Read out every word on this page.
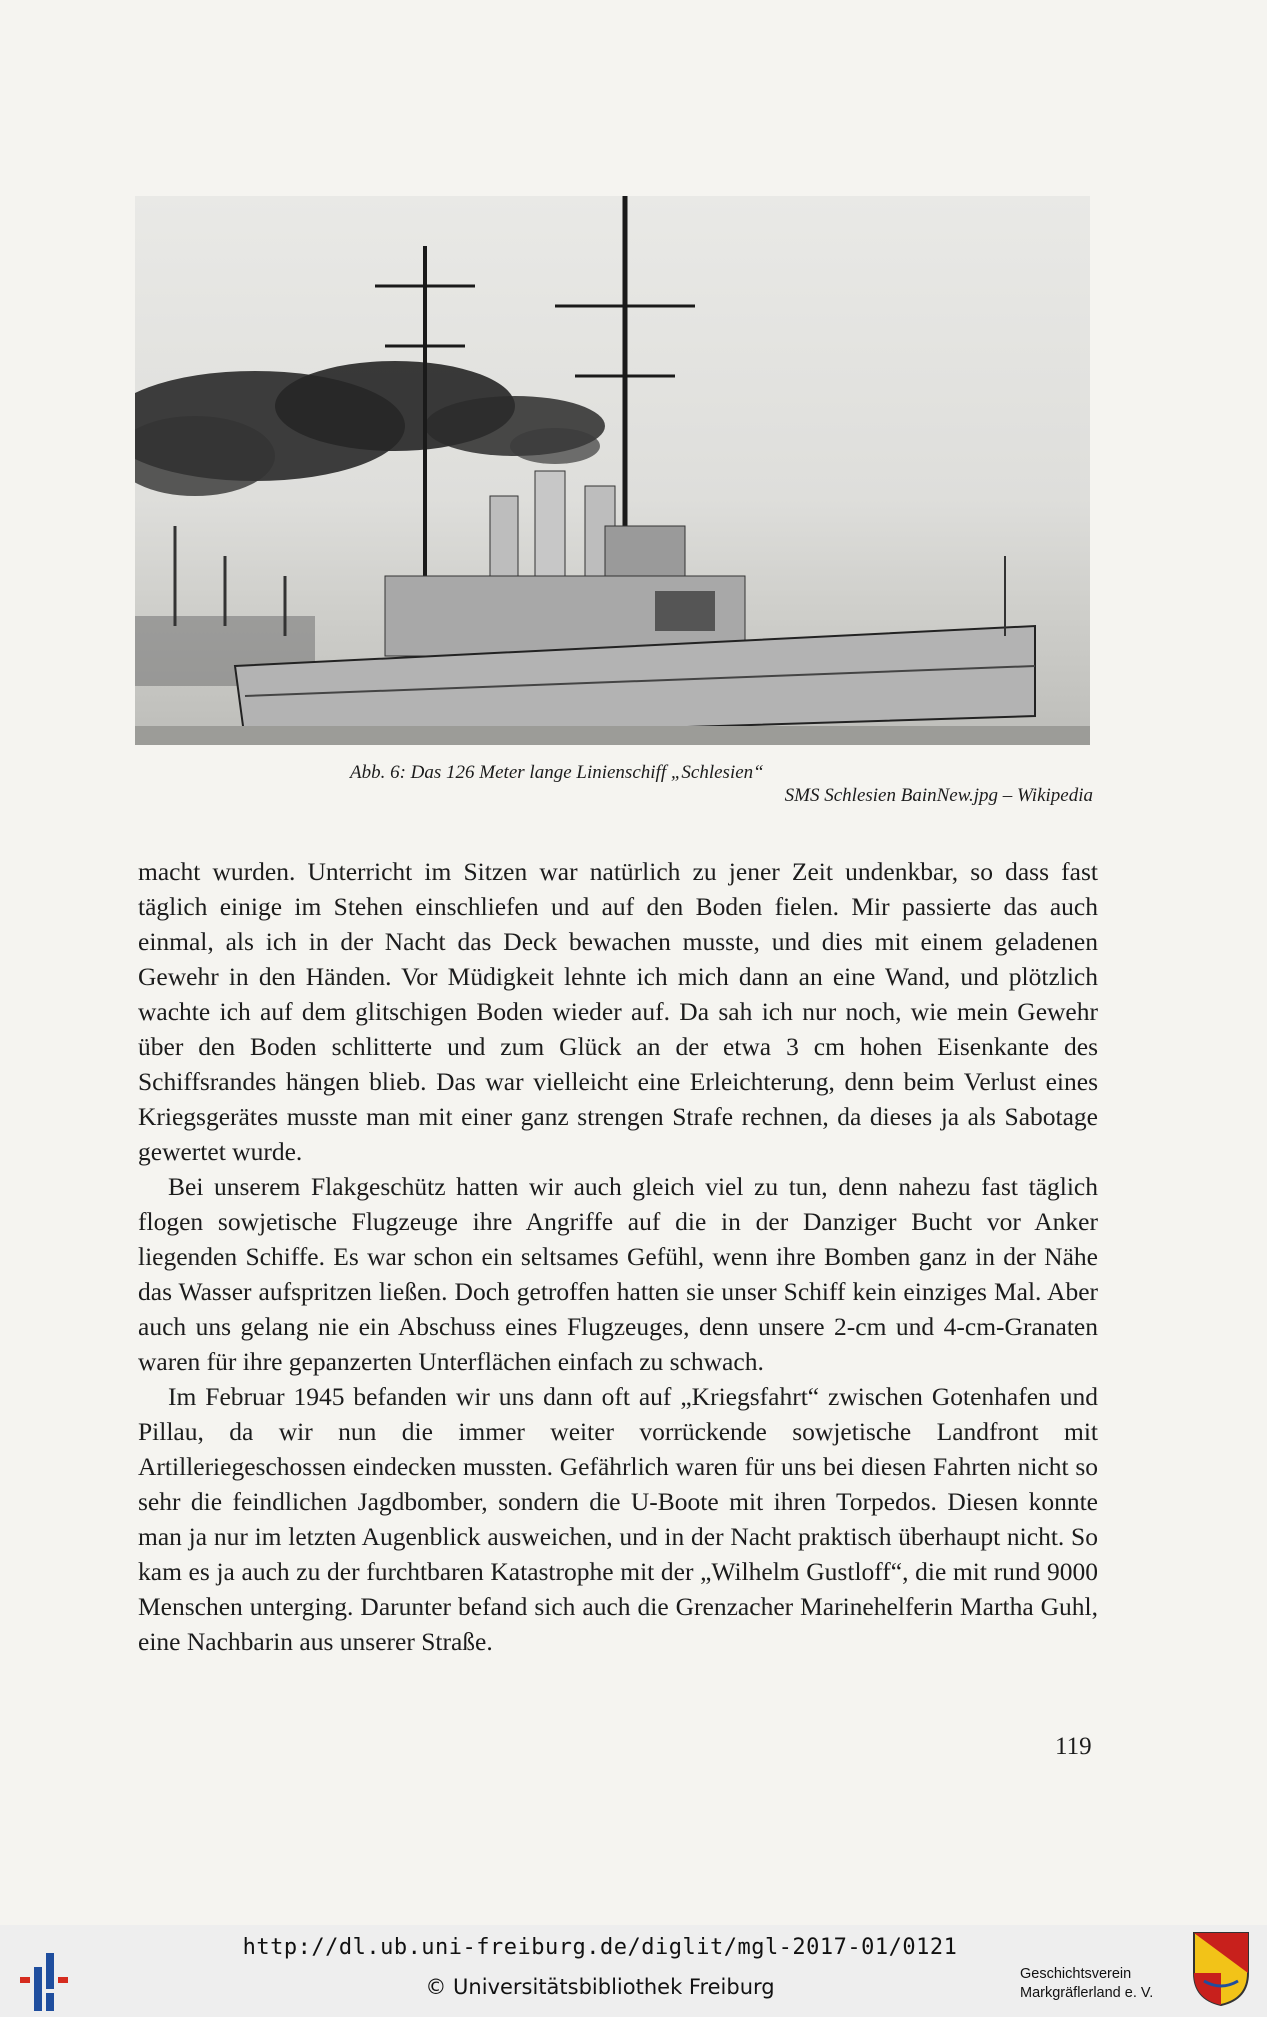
Abb. 6: Das 126 Meter lange Linienschiff „Schlesien“
SMS Schlesien BainNew.jpg – Wikipedia

macht wurden. Unterricht im Sitzen war natürlich zu jener Zeit undenkbar, so dass fast täglich einige im Stehen einschliefen und auf den Boden fielen. Mir passierte das auch einmal, als ich in der Nacht das Deck bewachen musste, und dies mit einem geladenen Gewehr in den Händen. Vor Müdigkeit lehnte ich mich dann an eine Wand, und plötzlich wachte ich auf dem glitschigen Boden wieder auf. Da sah ich nur noch, wie mein Gewehr über den Boden schlitterte und zum Glück an der etwa 3 cm hohen Eisenkante des Schiffsrandes hängen blieb. Das war vielleicht eine Erleichterung, denn beim Verlust eines Kriegsgerätes musste man mit einer ganz strengen Strafe rechnen, da dieses ja als Sabotage gewertet wurde.

Bei unserem Flakgeschütz hatten wir auch gleich viel zu tun, denn nahezu fast täglich flogen sowjetische Flugzeuge ihre Angriffe auf die in der Danziger Bucht vor Anker liegenden Schiffe. Es war schon ein seltsames Gefühl, wenn ihre Bomben ganz in der Nähe das Wasser aufspritzen ließen. Doch getroffen hatten sie unser Schiff kein einziges Mal. Aber auch uns gelang nie ein Abschuss eines Flugzeuges, denn unsere 2-cm und 4-cm-Granaten waren für ihre gepanzerten Unterflächen einfach zu schwach.

Im Februar 1945 befanden wir uns dann oft auf „Kriegsfahrt“ zwischen Gotenhafen und Pillau, da wir nun die immer weiter vorrückende sowjetische Landfront mit Artilleriegeschossen eindecken mussten. Gefährlich waren für uns bei diesen Fahrten nicht so sehr die feindlichen Jagdbomber, sondern die U-Boote mit ihren Torpedos. Diesen konnte man ja nur im letzten Augenblick ausweichen, und in der Nacht praktisch überhaupt nicht. So kam es ja auch zu der furchtbaren Katastrophe mit der „Wilhelm Gustloff“, die mit rund 9000 Menschen unterging. Darunter befand sich auch die Grenzacher Marinehelferin Martha Guhl, eine Nachbarin aus unserer Straße.

119
http://dl.ub.uni-freiburg.de/diglit/mgl-2017-01/0121
© Universitätsbibliothek Freiburg
Geschichtsverein
Markgräflerland e. V.
